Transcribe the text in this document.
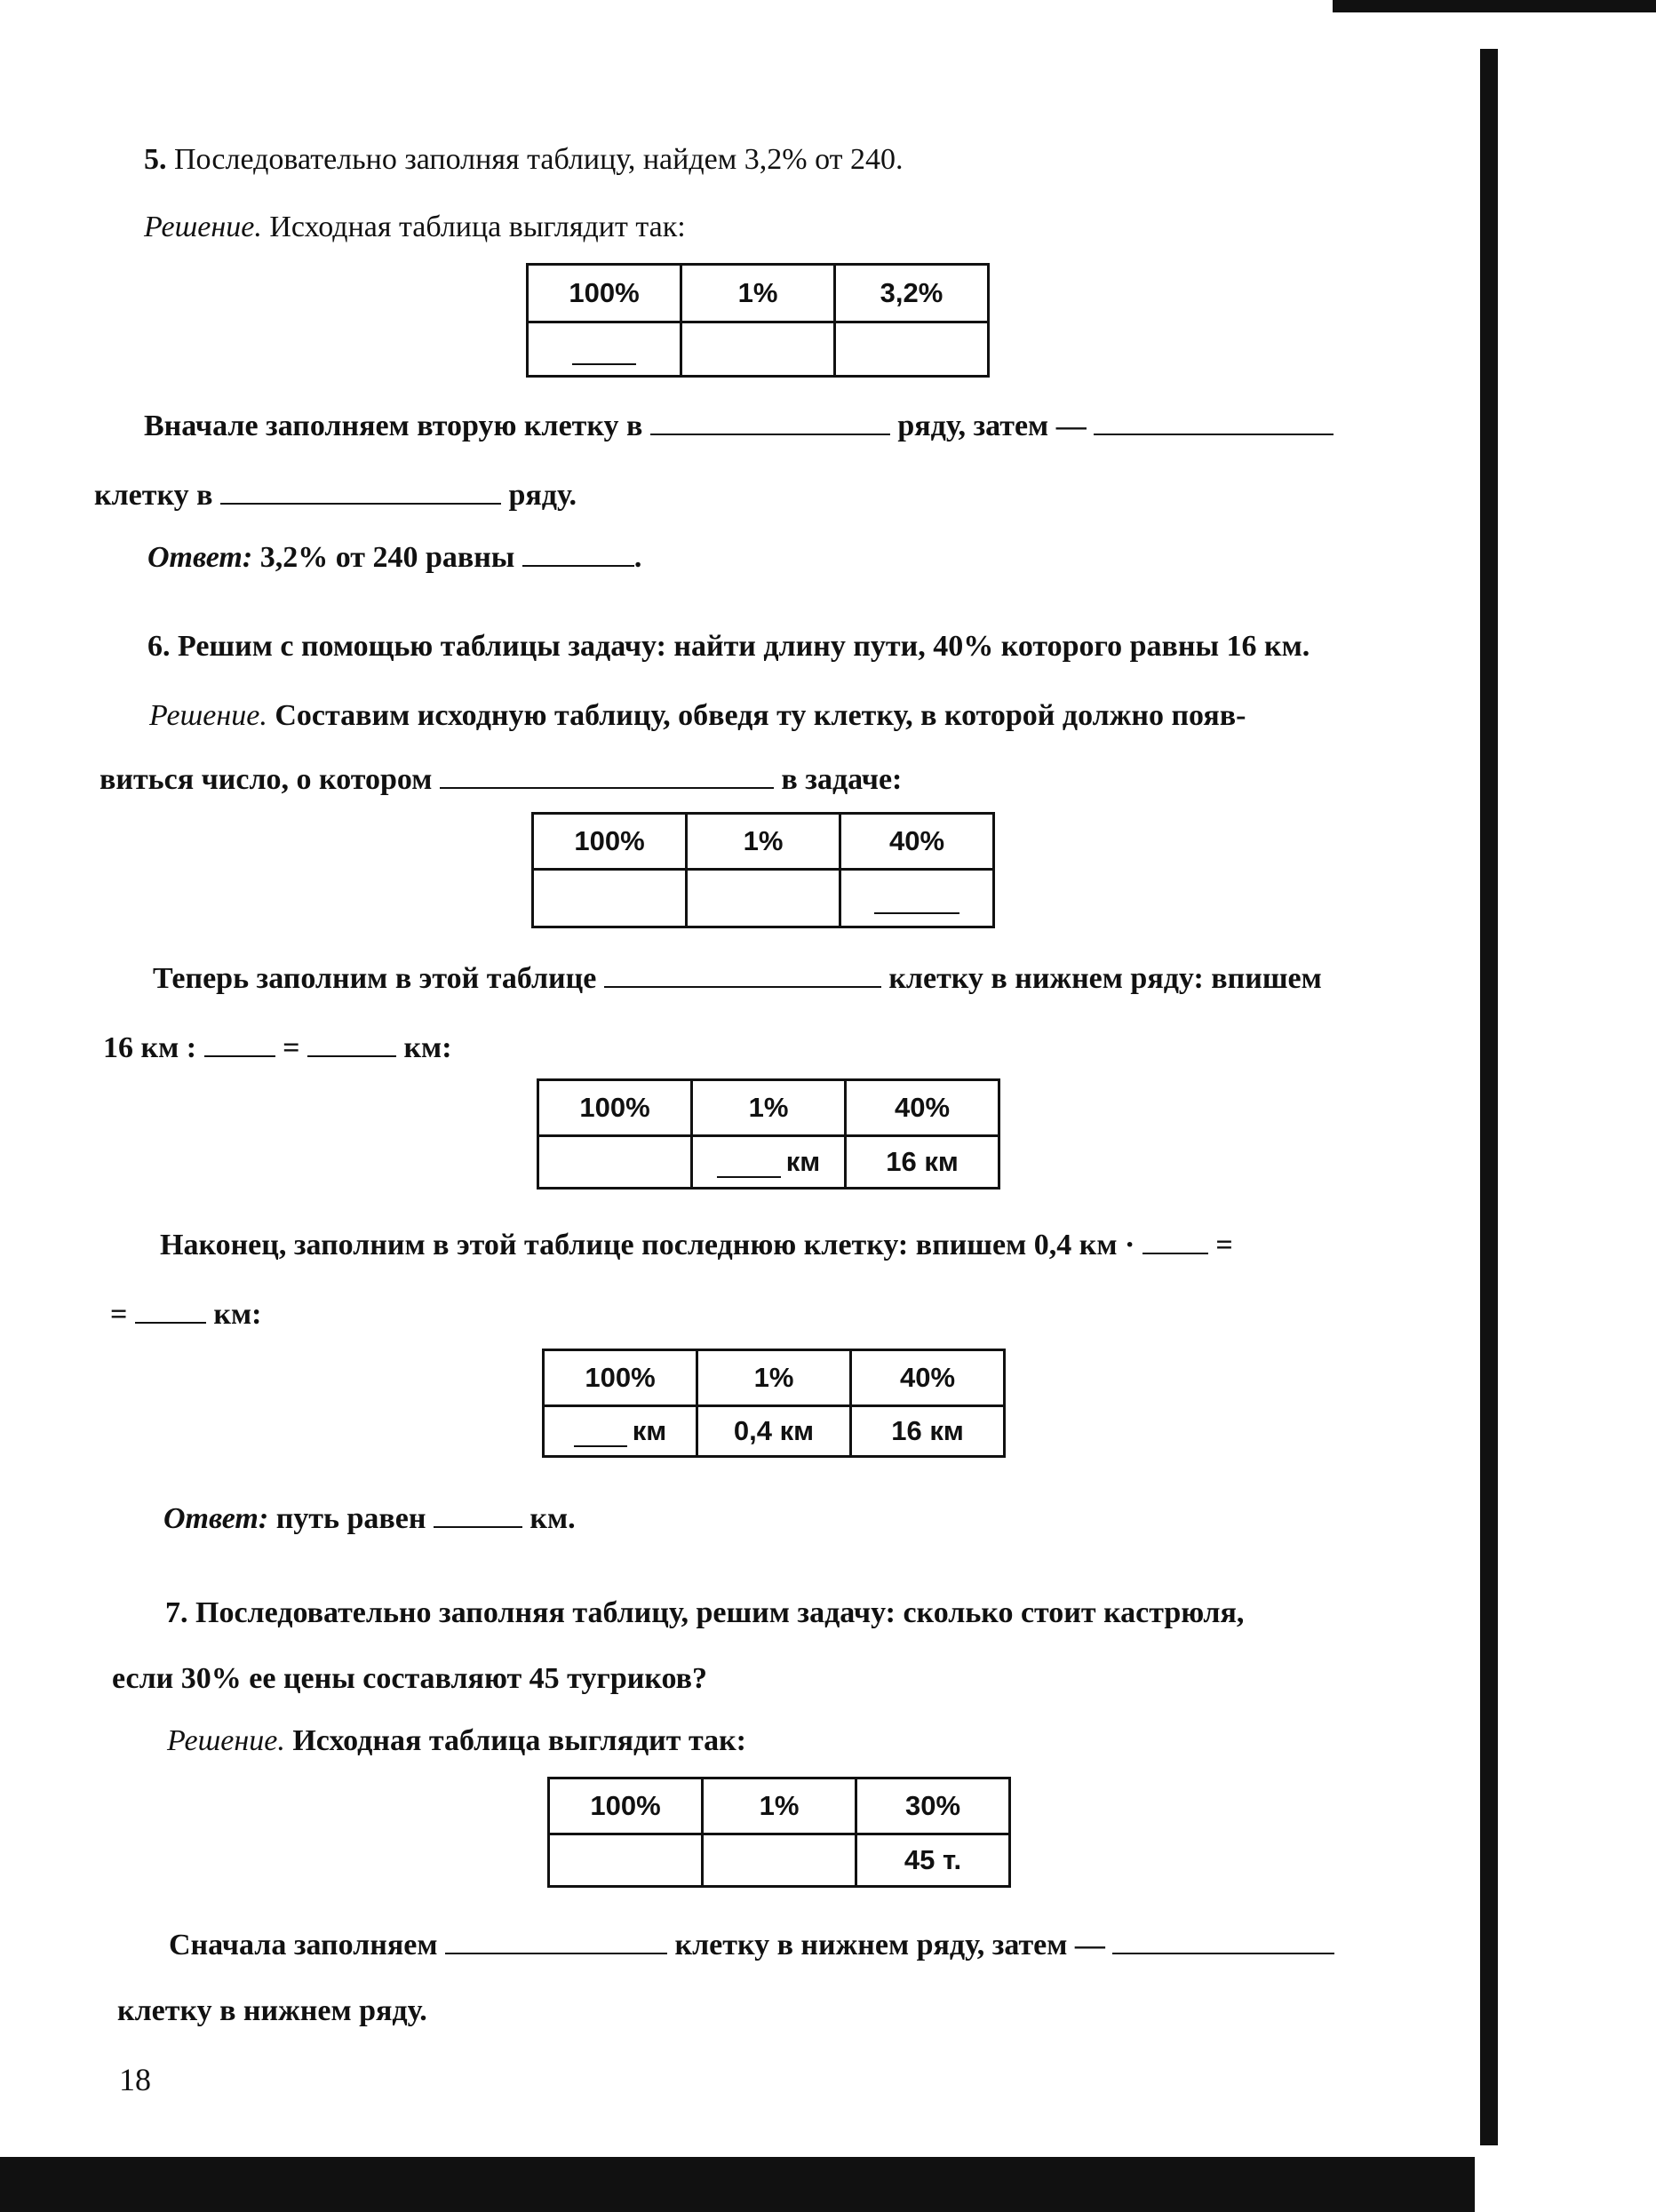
5. Последовательно заполняя таблицу, найдем 3,2% от 240.
Решение. Исходная таблица выглядит так:
100%	1%	3,2%

Вначале заполняем вторую клетку в	ряду, затем —
клетку в	ряду.
Ответ: 3,2% от 240 равны	.
6. Решим с помощью таблицы задачу: найти длину пути, 40% которого равны 16 км.
Решение. Составим исходную таблицу, обведя ту клетку, в которой должно появ-
виться число, о котором	в задаче:
100%	1%	40%

Теперь заполним в этой таблице	клетку в нижнем ряду: впишем
16 км :	=	км:
100%	1%	40%
	км	16 км
Наконец, заполним в этой таблице последнюю клетку: впишем 0,4 км ·	=
=	км:
100%	1%	40%
км	0,4 км	16 км
Ответ: путь равен	км.
7. Последовательно заполняя таблицу, решим задачу: сколько стоит кастрюля,
если 30% ее цены составляют 45 тугриков?
Решение. Исходная таблица выглядит так:
100%	1%	30%
		45 т.
Сначала заполняем	клетку в нижнем ряду, затем —
клетку в нижнем ряду.
18
